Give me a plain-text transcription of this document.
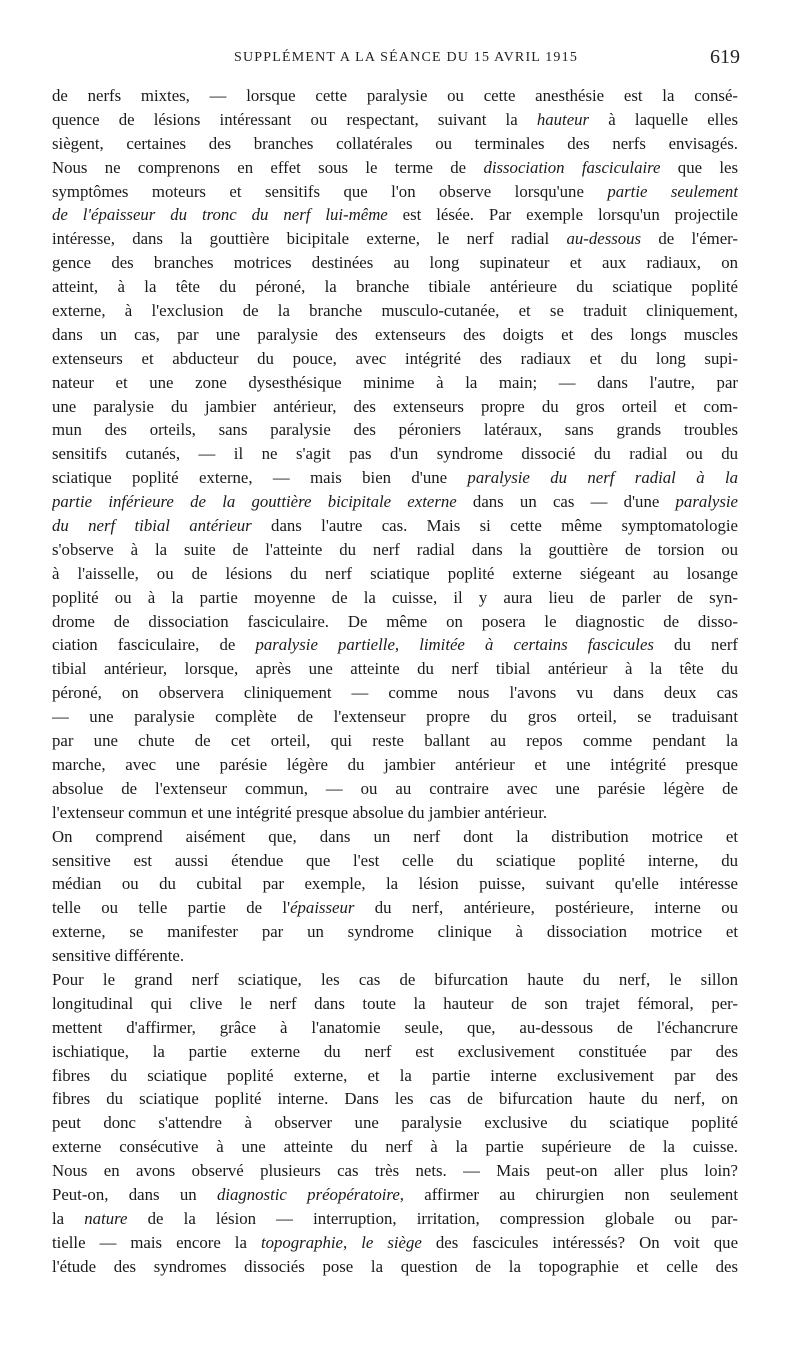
SUPPLÉMENT A LA SÉANCE DU 15 AVRIL 1915	619
de nerfs mixtes, — lorsque cette paralysie ou cette anesthésie est la consé-
quence de lésions intéressant ou respectant, suivant la hauteur à laquelle elles
siègent, certaines des branches collatérales ou terminales des nerfs envisagés.
Nous ne comprenons en effet sous le terme de dissociation fasciculaire que les
symptômes moteurs et sensitifs que l'on observe lorsqu'une partie seulement
de l'épaisseur du tronc du nerf lui-même est lésée. Par exemple lorsqu'un projectile
intéresse, dans la gouttière bicipitale externe, le nerf radial au-dessous de l'émer-
gence des branches motrices destinées au long supinateur et aux radiaux, on
atteint, à la tête du péroné, la branche tibiale antérieure du sciatique poplité
externe, à l'exclusion de la branche musculo-cutanée, et se traduit cliniquement,
dans un cas, par une paralysie des extenseurs des doigts et des longs muscles
extenseurs et abducteur du pouce, avec intégrité des radiaux et du long supi-
nateur et une zone dysesthésique minime à la main; — dans l'autre, par
une paralysie du jambier antérieur, des extenseurs propre du gros orteil et com-
mun des orteils, sans paralysie des péroniers latéraux, sans grands troubles
sensitifs cutanés, — il ne s'agit pas d'un syndrome dissocié du radial ou du
sciatique poplité externe, — mais bien d'une paralysie du nerf radial à la
partie inférieure de la gouttière bicipitale externe dans un cas — d'une paralysie
du nerf tibial antérieur dans l'autre cas. Mais si cette même symptomatologie
s'observe à la suite de l'atteinte du nerf radial dans la gouttière de torsion ou
à l'aisselle, ou de lésions du nerf sciatique poplité externe siégeant au losange
poplité ou à la partie moyenne de la cuisse, il y aura lieu de parler de syn-
drome de dissociation fasciculaire. De même on posera le diagnostic de disso-
ciation fasciculaire, de paralysie partielle, limitée à certains fascicules du nerf
tibial antérieur, lorsque, après une atteinte du nerf tibial antérieur à la tête du
péroné, on observera cliniquement — comme nous l'avons vu dans deux cas
— une paralysie complète de l'extenseur propre du gros orteil, se traduisant
par une chute de cet orteil, qui reste ballant au repos comme pendant la
marche, avec une parésie légère du jambier antérieur et une intégrité presque
absolue de l'extenseur commun, — ou au contraire avec une parésie légère de
l'extenseur commun et une intégrité presque absolue du jambier antérieur.
On comprend aisément que, dans un nerf dont la distribution motrice et
sensitive est aussi étendue que l'est celle du sciatique poplité interne, du
médian ou du cubital par exemple, la lésion puisse, suivant qu'elle intéresse
telle ou telle partie de l'épaisseur du nerf, antérieure, postérieure, interne ou
externe, se manifester par un syndrome clinique à dissociation motrice et
sensitive différente.
Pour le grand nerf sciatique, les cas de bifurcation haute du nerf, le sillon
longitudinal qui clive le nerf dans toute la hauteur de son trajet fémoral, per-
mettent d'affirmer, grâce à l'anatomie seule, que, au-dessous de l'échancrure
ischiatique, la partie externe du nerf est exclusivement constituée par des
fibres du sciatique poplité externe, et la partie interne exclusivement par des
fibres du sciatique poplité interne. Dans les cas de bifurcation haute du nerf, on
peut donc s'attendre à observer une paralysie exclusive du sciatique poplité
externe consécutive à une atteinte du nerf à la partie supérieure de la cuisse.
Nous en avons observé plusieurs cas très nets. — Mais peut-on aller plus loin?
Peut-on, dans un diagnostic préopératoire, affirmer au chirurgien non seulement
la nature de la lésion — interruption, irritation, compression globale ou par-
tielle — mais encore la topographie, le siège des fascicules intéressés? On voit que
l'étude des syndromes dissociés pose la question de la topographie et celle des
